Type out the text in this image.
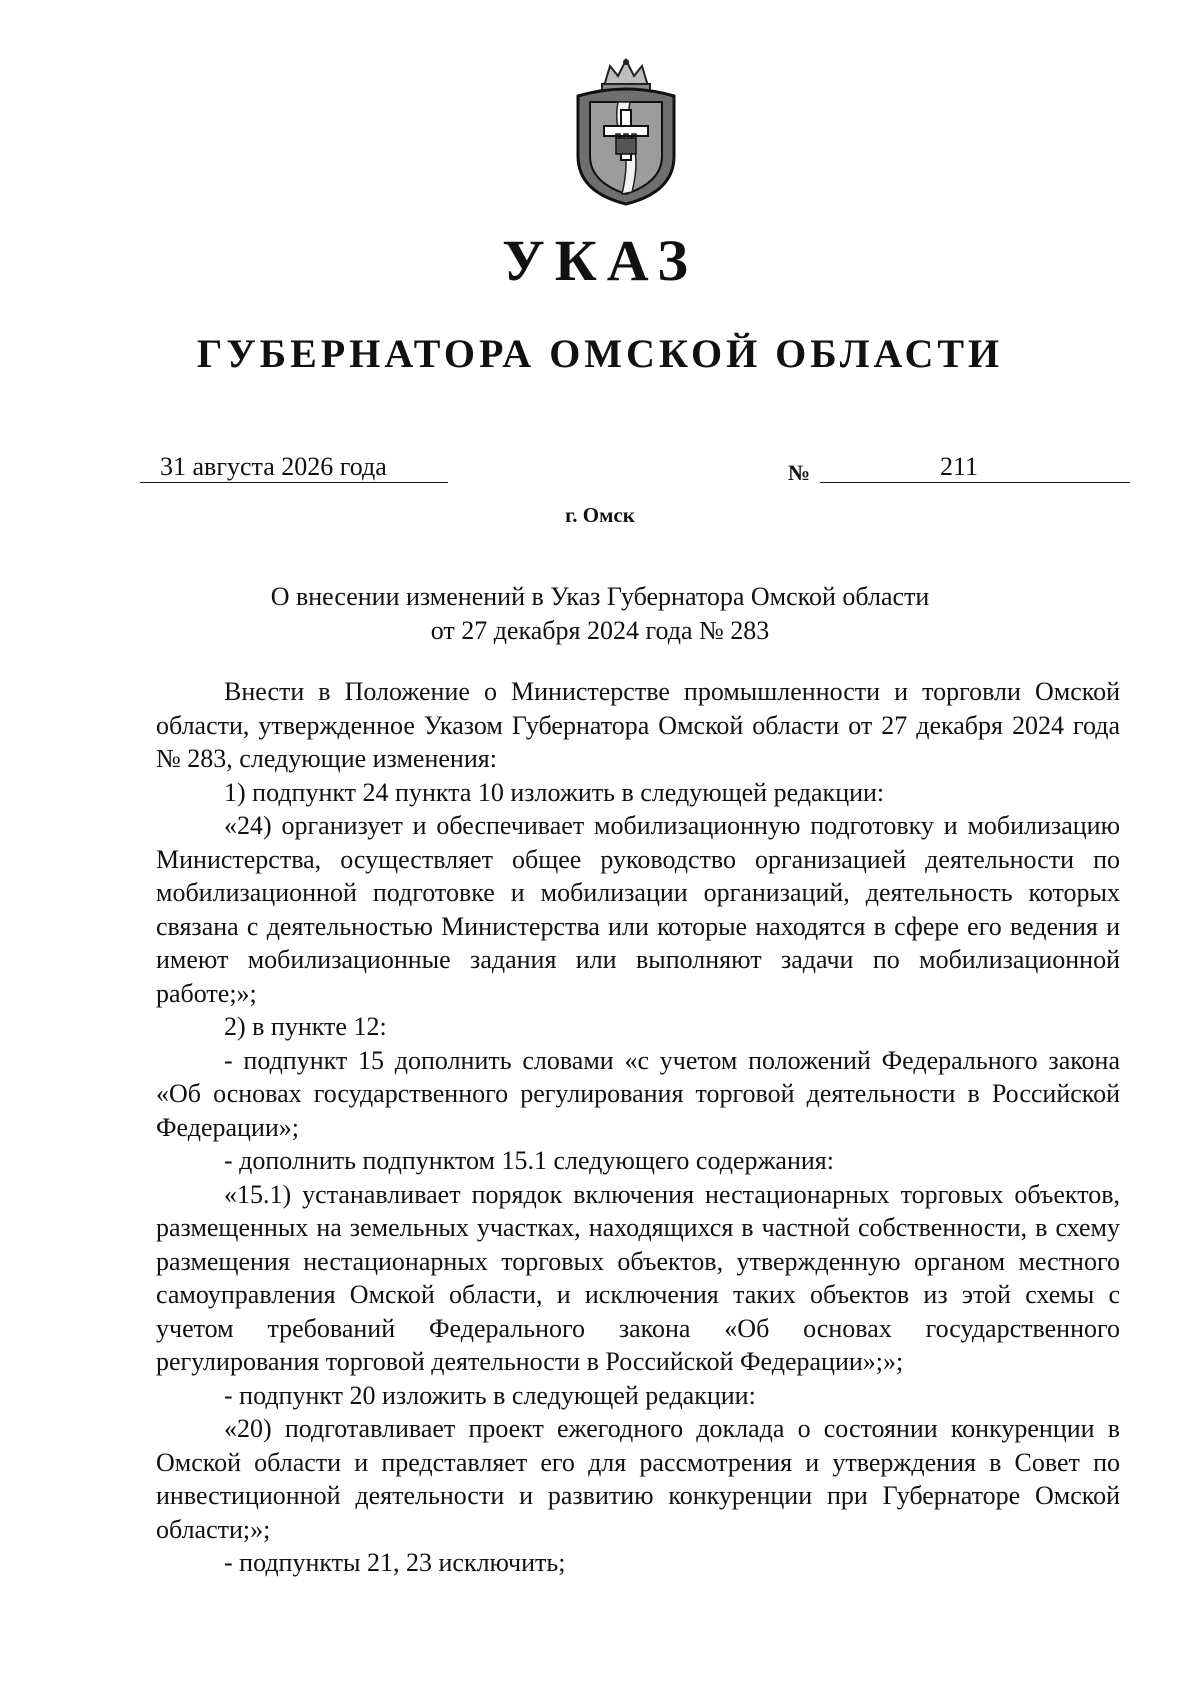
УКАЗ
ГУБЕРНАТОРА ОМСКОЙ ОБЛАСТИ
31 августа 2026 года	№	211
г. Омск
О внесении изменений в Указ Губернатора Омской области
от 27 декабря 2024 года № 283

Внести в Положение о Министерстве промышленности и торговли Омской области, утвержденное Указом Губернатора Омской области от 27 декабря 2024 года № 283, следующие изменения:

1) подпункт 24 пункта 10 изложить в следующей редакции:

«24) организует и обеспечивает мобилизационную подготовку и мобилизацию Министерства, осуществляет общее руководство организацией деятельности по мобилизационной подготовке и мобилизации организаций, деятельность которых связана с деятельностью Министерства или которые находятся в сфере его ведения и имеют мобилизационные задания или выполняют задачи по мобилизационной работе;»;

2) в пункте 12:

- подпункт 15 дополнить словами «с учетом положений Федерального закона «Об основах государственного регулирования торговой деятельности в Российской Федерации»;

- дополнить подпунктом 15.1 следующего содержания:

«15.1) устанавливает порядок включения нестационарных торговых объектов, размещенных на земельных участках, находящихся в частной собственности, в схему размещения нестационарных торговых объектов, утвержденную органом местного самоуправления Омской области, и исключения таких объектов из этой схемы с учетом требований Федерального закона «Об основах государственного регулирования торговой деятельности в Российской Федерации»;»;

- подпункт 20 изложить в следующей редакции:

«20) подготавливает проект ежегодного доклада о состоянии конкуренции в Омской области и представляет его для рассмотрения и утверждения в Совет по инвестиционной деятельности и развитию конкуренции при Губернаторе Омской области;»;

- подпункты 21, 23 исключить;
